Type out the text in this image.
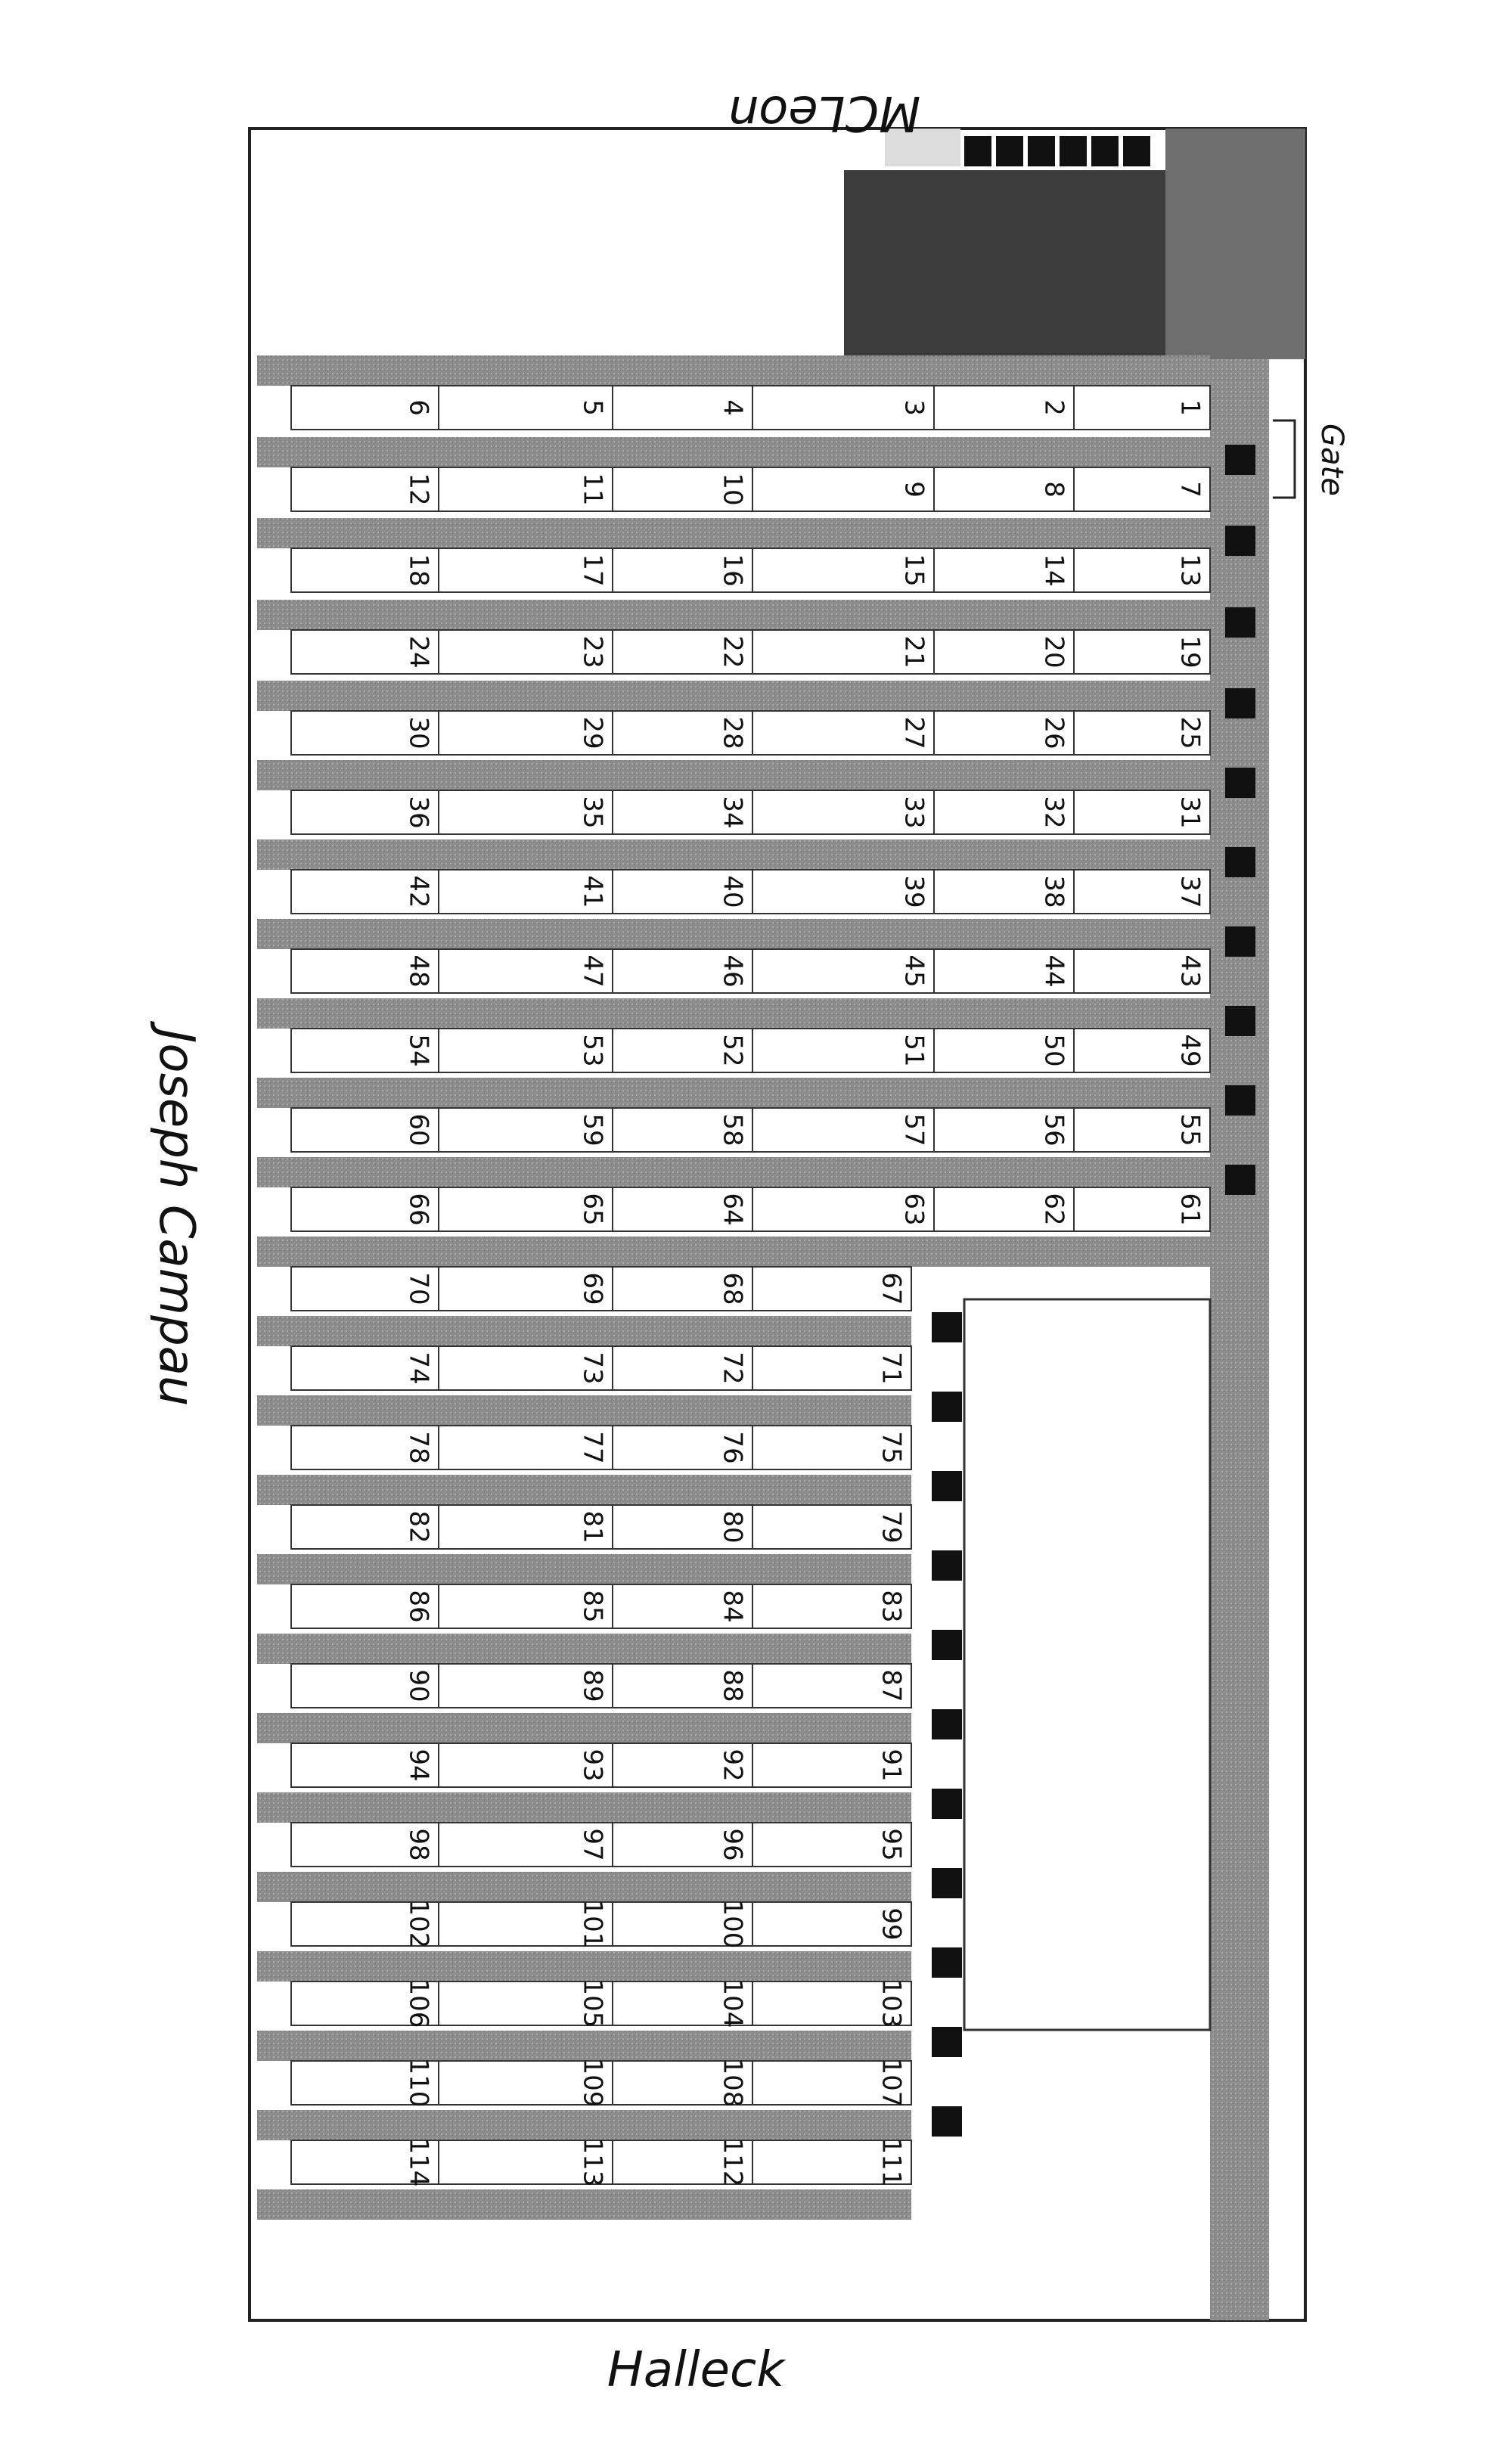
1
2
3
4
5
6
7
8
9
10
11
12
13
14
15
16
17
18
19
20
21
22
23
24
25
26
27
28
29
30
31
32
33
34
35
36
37
38
39
40
41
42
43
44
45
46
47
48
49
50
51
52
53
54
55
56
57
58
59
60
61
62
63
64
65
66
67
68
69
70
71
72
73
74
75
76
77
78
79
80
81
82
83
84
85
86
87
88
89
90
91
92
93
94
95
96
97
98
99
100
101
102
103
104
105
106
107
108
109
110
111
112
113
114
Gate
MCLeon
Halleck
Joseph Campau
